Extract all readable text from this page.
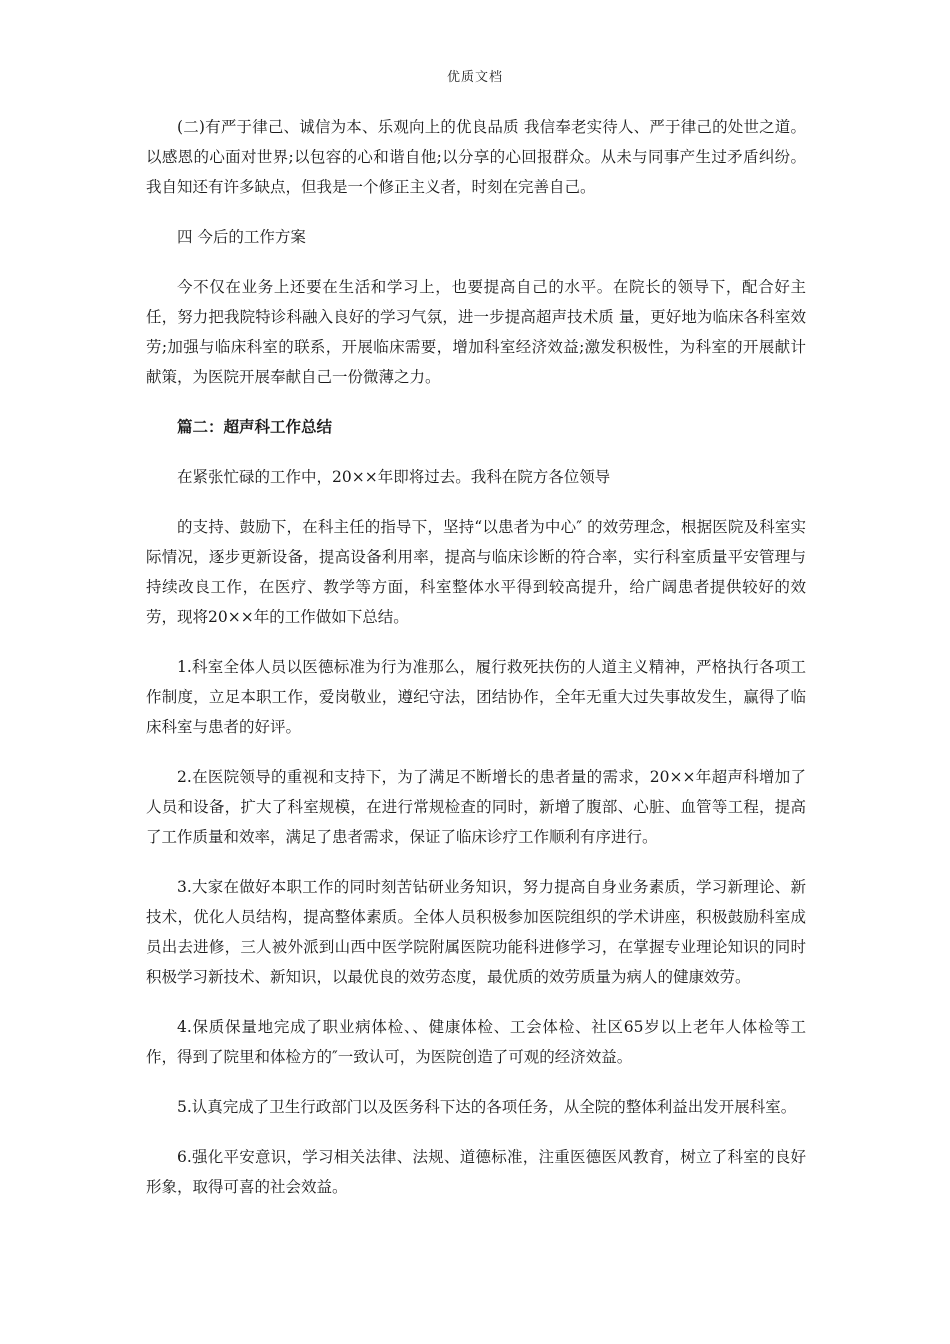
优质文档

(二)有严于律己、诚信为本、乐观向上的优良品质 我信奉老实待人、严于律己的处世之道。以感恩的心面对世界;以包容的心和谐自他;以分享的心回报群众。从未与同事产生过矛盾纠纷。我自知还有许多缺点，但我是一个修正主义者，时刻在完善自己。

四 今后的工作方案

今不仅在业务上还要在生活和学习上，也要提高自己的水平。在院长的领导下，配合好主任，努力把我院特诊科融入良好的学习气氛，进一步提高超声技术质 量，更好地为临床各科室效劳;加强与临床科室的联系，开展临床需要，增加科室经济效益;激发积极性，为科室的开展献计献策，为医院开展奉献自己一份微薄之力。

篇二：超声科工作总结

在紧张忙碌的工作中，20××年即将过去。我科在院方各位领导

的支持、鼓励下，在科主任的指导下，坚持“以患者为中心″ 的效劳理念，根据医院及科室实际情况，逐步更新设备，提高设备利用率，提高与临床诊断的符合率，实行科室质量平安管理与持续改良工作，在医疗、教学等方面，科室整体水平得到较高提升，给广阔患者提供较好的效劳，现将20××年的工作做如下总结。

1.科室全体人员以医德标准为行为准那么，履行救死扶伤的人道主义精神，严格执行各项工作制度，立足本职工作，爱岗敬业，遵纪守法，团结协作，全年无重大过失事故发生，赢得了临床科室与患者的好评。

2.在医院领导的重视和支持下，为了满足不断增长的患者量的需求，20××年超声科增加了人员和设备，扩大了科室规模，在进行常规检查的同时，新增了腹部、心脏、血管等工程，提高了工作质量和效率，满足了患者需求，保证了临床诊疗工作顺利有序进行。

3.大家在做好本职工作的同时刻苦钻研业务知识，努力提高自身业务素质，学习新理论、新技术，优化人员结构，提高整体素质。全体人员积极参加医院组织的学术讲座，积极鼓励科室成员出去进修，三人被外派到山西中医学院附属医院功能科进修学习，在掌握专业理论知识的同时积极学习新技术、新知识，以最优良的效劳态度，最优质的效劳质量为病人的健康效劳。

4.保质保量地完成了职业病体检、、健康体检、工会体检、社区65岁以上老年人体检等工作，得到了院里和体检方的″一致认可，为医院创造了可观的经济效益。

5.认真完成了卫生行政部门以及医务科下达的各项任务，从全院的整体利益出发开展科室。

6.强化平安意识，学习相关法律、法规、道德标准，注重医德医风教育，树立了科室的良好形象，取得可喜的社会效益。
